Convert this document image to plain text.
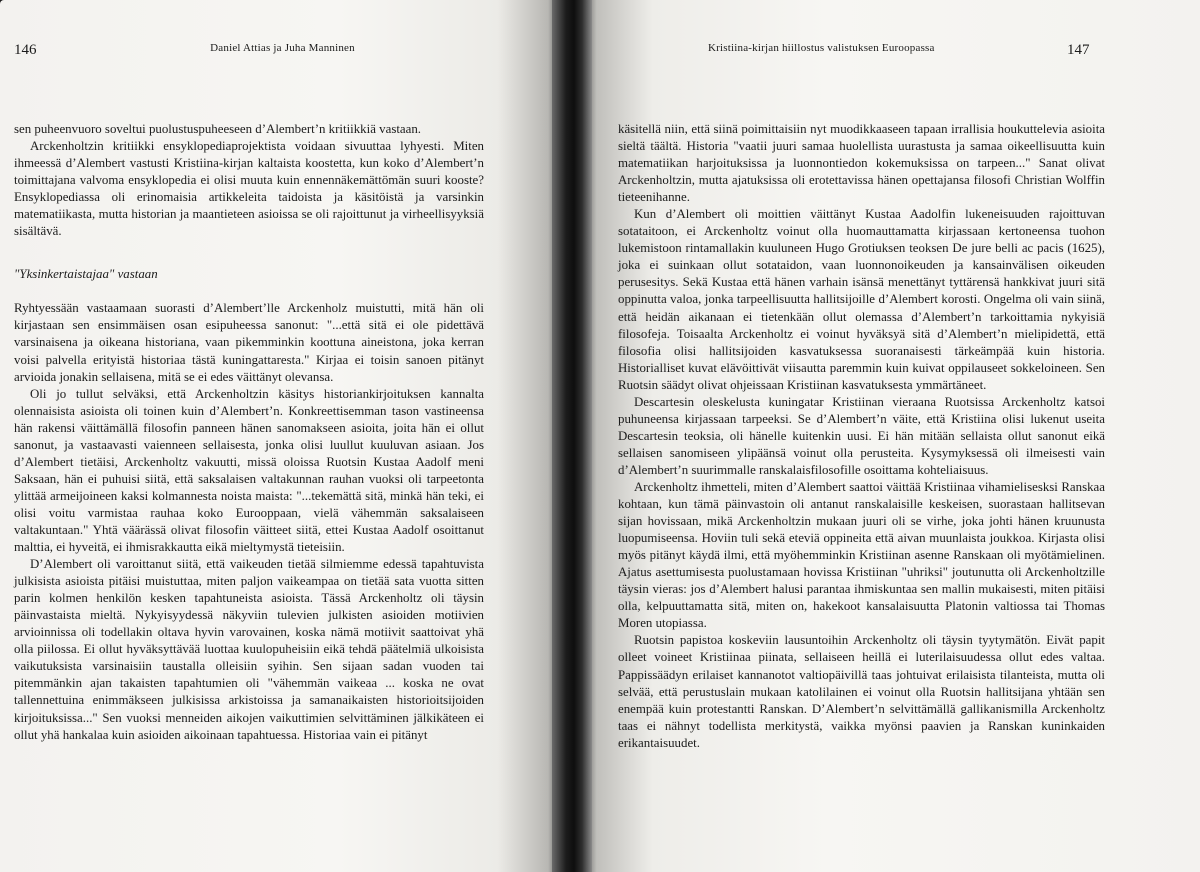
146	Daniel Attias ja Juha Manninen

sen puheenvuoro soveltui puolustuspuheeseen d’Alembert’n kritiikkiä vastaan.

Arckenholtzin kritiikki ensyklopediaprojektista voidaan sivuuttaa lyhyesti. Miten ihmeessä d’Alembert vastusti Kristiina-kirjan kaltaista koostetta, kun koko d’Alembert’n toimittajana valvoma ensyklopedia ei olisi muuta kuin ennennäkemättömän suuri kooste? Ensyklopediassa oli erinomaisia artikkeleita taidoista ja käsitöistä ja varsinkin matematiikasta, mutta historian ja maantieteen asioissa se oli rajoittunut ja virheellisyyksiä sisältävä.

"Yksinkertaistajaa" vastaan

Ryhtyessään vastaamaan suorasti d’Alembert’lle Arckenholz muistutti, mitä hän oli kirjastaan sen ensimmäisen osan esipuheessa sanonut: "...että sitä ei ole pidettävä varsinaisena ja oikeana historiana, vaan pikemminkin koottuna aineistona, joka kerran voisi palvella erityistä historiaa tästä kuningattaresta." Kirjaa ei toisin sanoen pitänyt arvioida jonakin sellaisena, mitä se ei edes väittänyt olevansa.

Oli jo tullut selväksi, että Arckenholtzin käsitys historiankirjoituksen kannalta olennaisista asioista oli toinen kuin d’Alembert’n. Konkreettisemman tason vastineensa hän rakensi väittämällä filosofin panneen hänen sanomakseen asioita, joita hän ei ollut sanonut, ja vastaavasti vaienneen sellaisesta, jonka olisi luullut kuuluvan asiaan. Jos d’Alembert tietäisi, Arckenholtz vakuutti, missä oloissa Ruotsin Kustaa Aadolf meni Saksaan, hän ei puhuisi siitä, että saksalaisen valtakunnan rauhan vuoksi oli tarpeetonta ylittää armeijoineen kaksi kolmannesta noista maista: "...tekemättä sitä, minkä hän teki, ei olisi voitu varmistaa rauhaa koko Eurooppaan, vielä vähemmän saksalaiseen valtakuntaan." Yhtä väärässä olivat filosofin väitteet siitä, ettei Kustaa Aadolf osoittanut malttia, ei hyveitä, ei ihmisrakkautta eikä mieltymystä tieteisiin.

D’Alembert oli varoittanut siitä, että vaikeuden tietää silmiemme edessä tapahtuvista julkisista asioista pitäisi muistuttaa, miten paljon vaikeampaa on tietää sata vuotta sitten parin kolmen henkilön kesken tapahtuneista asioista. Tässä Arckenholtz oli täysin päinvastaista mieltä. Nykyisyydessä näkyviin tulevien julkisten asioiden motiivien arvioinnissa oli todellakin oltava hyvin varovainen, koska nämä motiivit saattoivat yhä olla piilossa. Ei ollut hyväksyttävää luottaa kuulopuheisiin eikä tehdä päätelmiä ulkoisista vaikutuksista varsinaisiin taustalla olleisiin syihin. Sen sijaan sadan vuoden tai pitemmänkin ajan takaisten tapahtumien oli "vähemmän vaikeaa ... koska ne ovat tallennettuina enimmäkseen julkisissa arkistoissa ja samanaikaisten historioitsijoiden kirjoituksissa..." Sen vuoksi menneiden aikojen vaikuttimien selvittäminen jälkikäteen ei ollut yhä hankalaa kuin asioiden aikoinaan tapahtuessa. Historiaa vain ei pitänyt

Kristiina-kirjan hiillostus valistuksen Euroopassa	147

käsitellä niin, että siinä poimittaisiin nyt muodikkaaseen tapaan irrallisia houkuttelevia asioita sieltä täältä. Historia "vaatii juuri samaa huolellista uurastusta ja samaa oikeellisuutta kuin matematiikan harjoituksissa ja luonnontiedon kokemuksissa on tarpeen..." Sanat olivat Arckenholtzin, mutta ajatuksissa oli erotettavissa hänen opettajansa filosofi Christian Wolffin tieteenihanne.

Kun d’Alembert oli moittien väittänyt Kustaa Aadolfin lukeneisuuden rajoittuvan sotataitoon, ei Arckenholtz voinut olla huomauttamatta kirjassaan kertoneensa tuohon lukemistoon rintamallakin kuuluneen Hugo Grotiuksen teoksen De jure belli ac pacis (1625), joka ei suinkaan ollut sotataidon, vaan luonnonoikeuden ja kansainvälisen oikeuden perusesitys. Sekä Kustaa että hänen varhain isänsä menettänyt tyttärensä hankkivat juuri sitä oppinutta valoa, jonka tarpeellisuutta hallitsijoille d’Alembert korosti. Ongelma oli vain siinä, että heidän aikanaan ei tietenkään ollut olemassa d’Alembert’n tarkoittamia nykyisiä filosofeja. Toisaalta Arckenholtz ei voinut hyväksyä sitä d’Alembert’n mielipidettä, että filosofia olisi hallitsijoiden kasvatuksessa suoranaisesti tärkeämpää kuin historia. Historialliset kuvat elävöittivät viisautta paremmin kuin kuivat oppilauseet sokkeloineen. Sen Ruotsin säädyt olivat ohjeissaan Kristiinan kasvatuksesta ymmärtäneet.

Descartesin oleskelusta kuningatar Kristiinan vieraana Ruotsissa Arckenholtz katsoi puhuneensa kirjassaan tarpeeksi. Se d’Alembert’n väite, että Kristiina olisi lukenut useita Descartesin teoksia, oli hänelle kuitenkin uusi. Ei hän mitään sellaista ollut sanonut eikä sellaisen sanomiseen ylipäänsä voinut olla perusteita. Kysymyksessä oli ilmeisesti vain d’Alembert’n suurimmalle ranskalaisfilosofille osoittama kohteliaisuus.

Arckenholtz ihmetteli, miten d’Alembert saattoi väittää Kristiinaa vihamielisesksi Ranskaa kohtaan, kun tämä päinvastoin oli antanut ranskalaisille keskeisen, suorastaan hallitsevan sijan hovissaan, mikä Arckenholtzin mukaan juuri oli se virhe, joka johti hänen kruunusta luopumiseensa. Hoviin tuli sekä eteviä oppineita että aivan muunlaista joukkoa. Kirjasta olisi myös pitänyt käydä ilmi, että myöhemminkin Kristiinan asenne Ranskaan oli myötämielinen. Ajatus asettumisesta puolustamaan hovissa Kristiinan "uhriksi" joutunutta oli Arckenholtzille täysin vieras: jos d’Alembert halusi parantaa ihmiskuntaa sen mallin mukaisesti, miten pitäisi olla, kelpuuttamatta sitä, miten on, hakekoot kansalaisuutta Platonin valtiossa tai Thomas Moren utopiassa.

Ruotsin papistoa koskeviin lausuntoihin Arckenholtz oli täysin tyytymätön. Eivät papit olleet voineet Kristiinaa piinata, sellaiseen heillä ei luterilaisuudessa ollut edes valtaa. Pappissäädyn erilaiset kannanotot valtiopäivillä taas johtuivat erilaisista tilanteista, mutta oli selvää, että perustuslain mukaan katolilainen ei voinut olla Ruotsin hallitsijana yhtään sen enempää kuin protestantti Ranskan. D’Alembert’n selvittämällä gallikanismilla Arckenholtz taas ei nähnyt todellista merkitystä, vaikka myönsi paavien ja Ranskan kuninkaiden erikantaisuudet.
